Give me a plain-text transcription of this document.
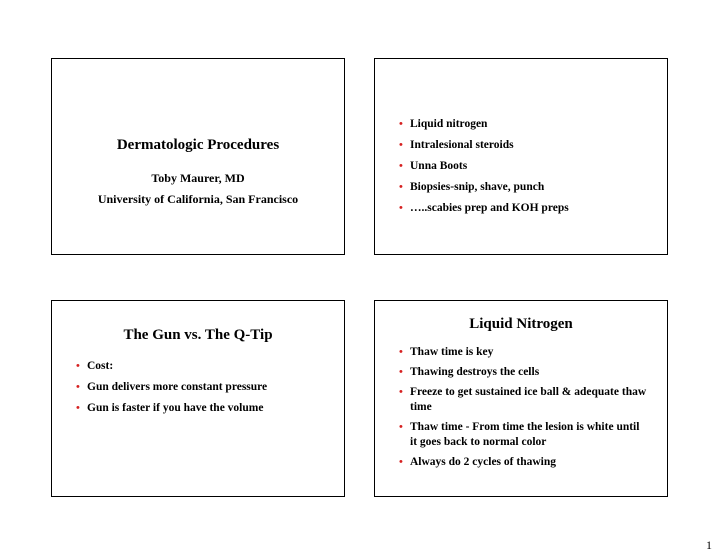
Dermatologic Procedures
Toby Maurer, MD
University of California, San Francisco
• Liquid nitrogen
• Intralesional steroids
• Unna Boots
• Biopsies-snip, shave, punch
• …..scabies prep and KOH preps
The Gun vs. The Q-Tip
• Cost:
• Gun delivers more constant pressure
• Gun is faster if you have the volume
Liquid Nitrogen
• Thaw time is key
• Thawing destroys the cells
• Freeze to get sustained ice ball & adequate thaw time
• Thaw time - From time the lesion is white until it goes back to normal color
• Always do 2 cycles of thawing
1
